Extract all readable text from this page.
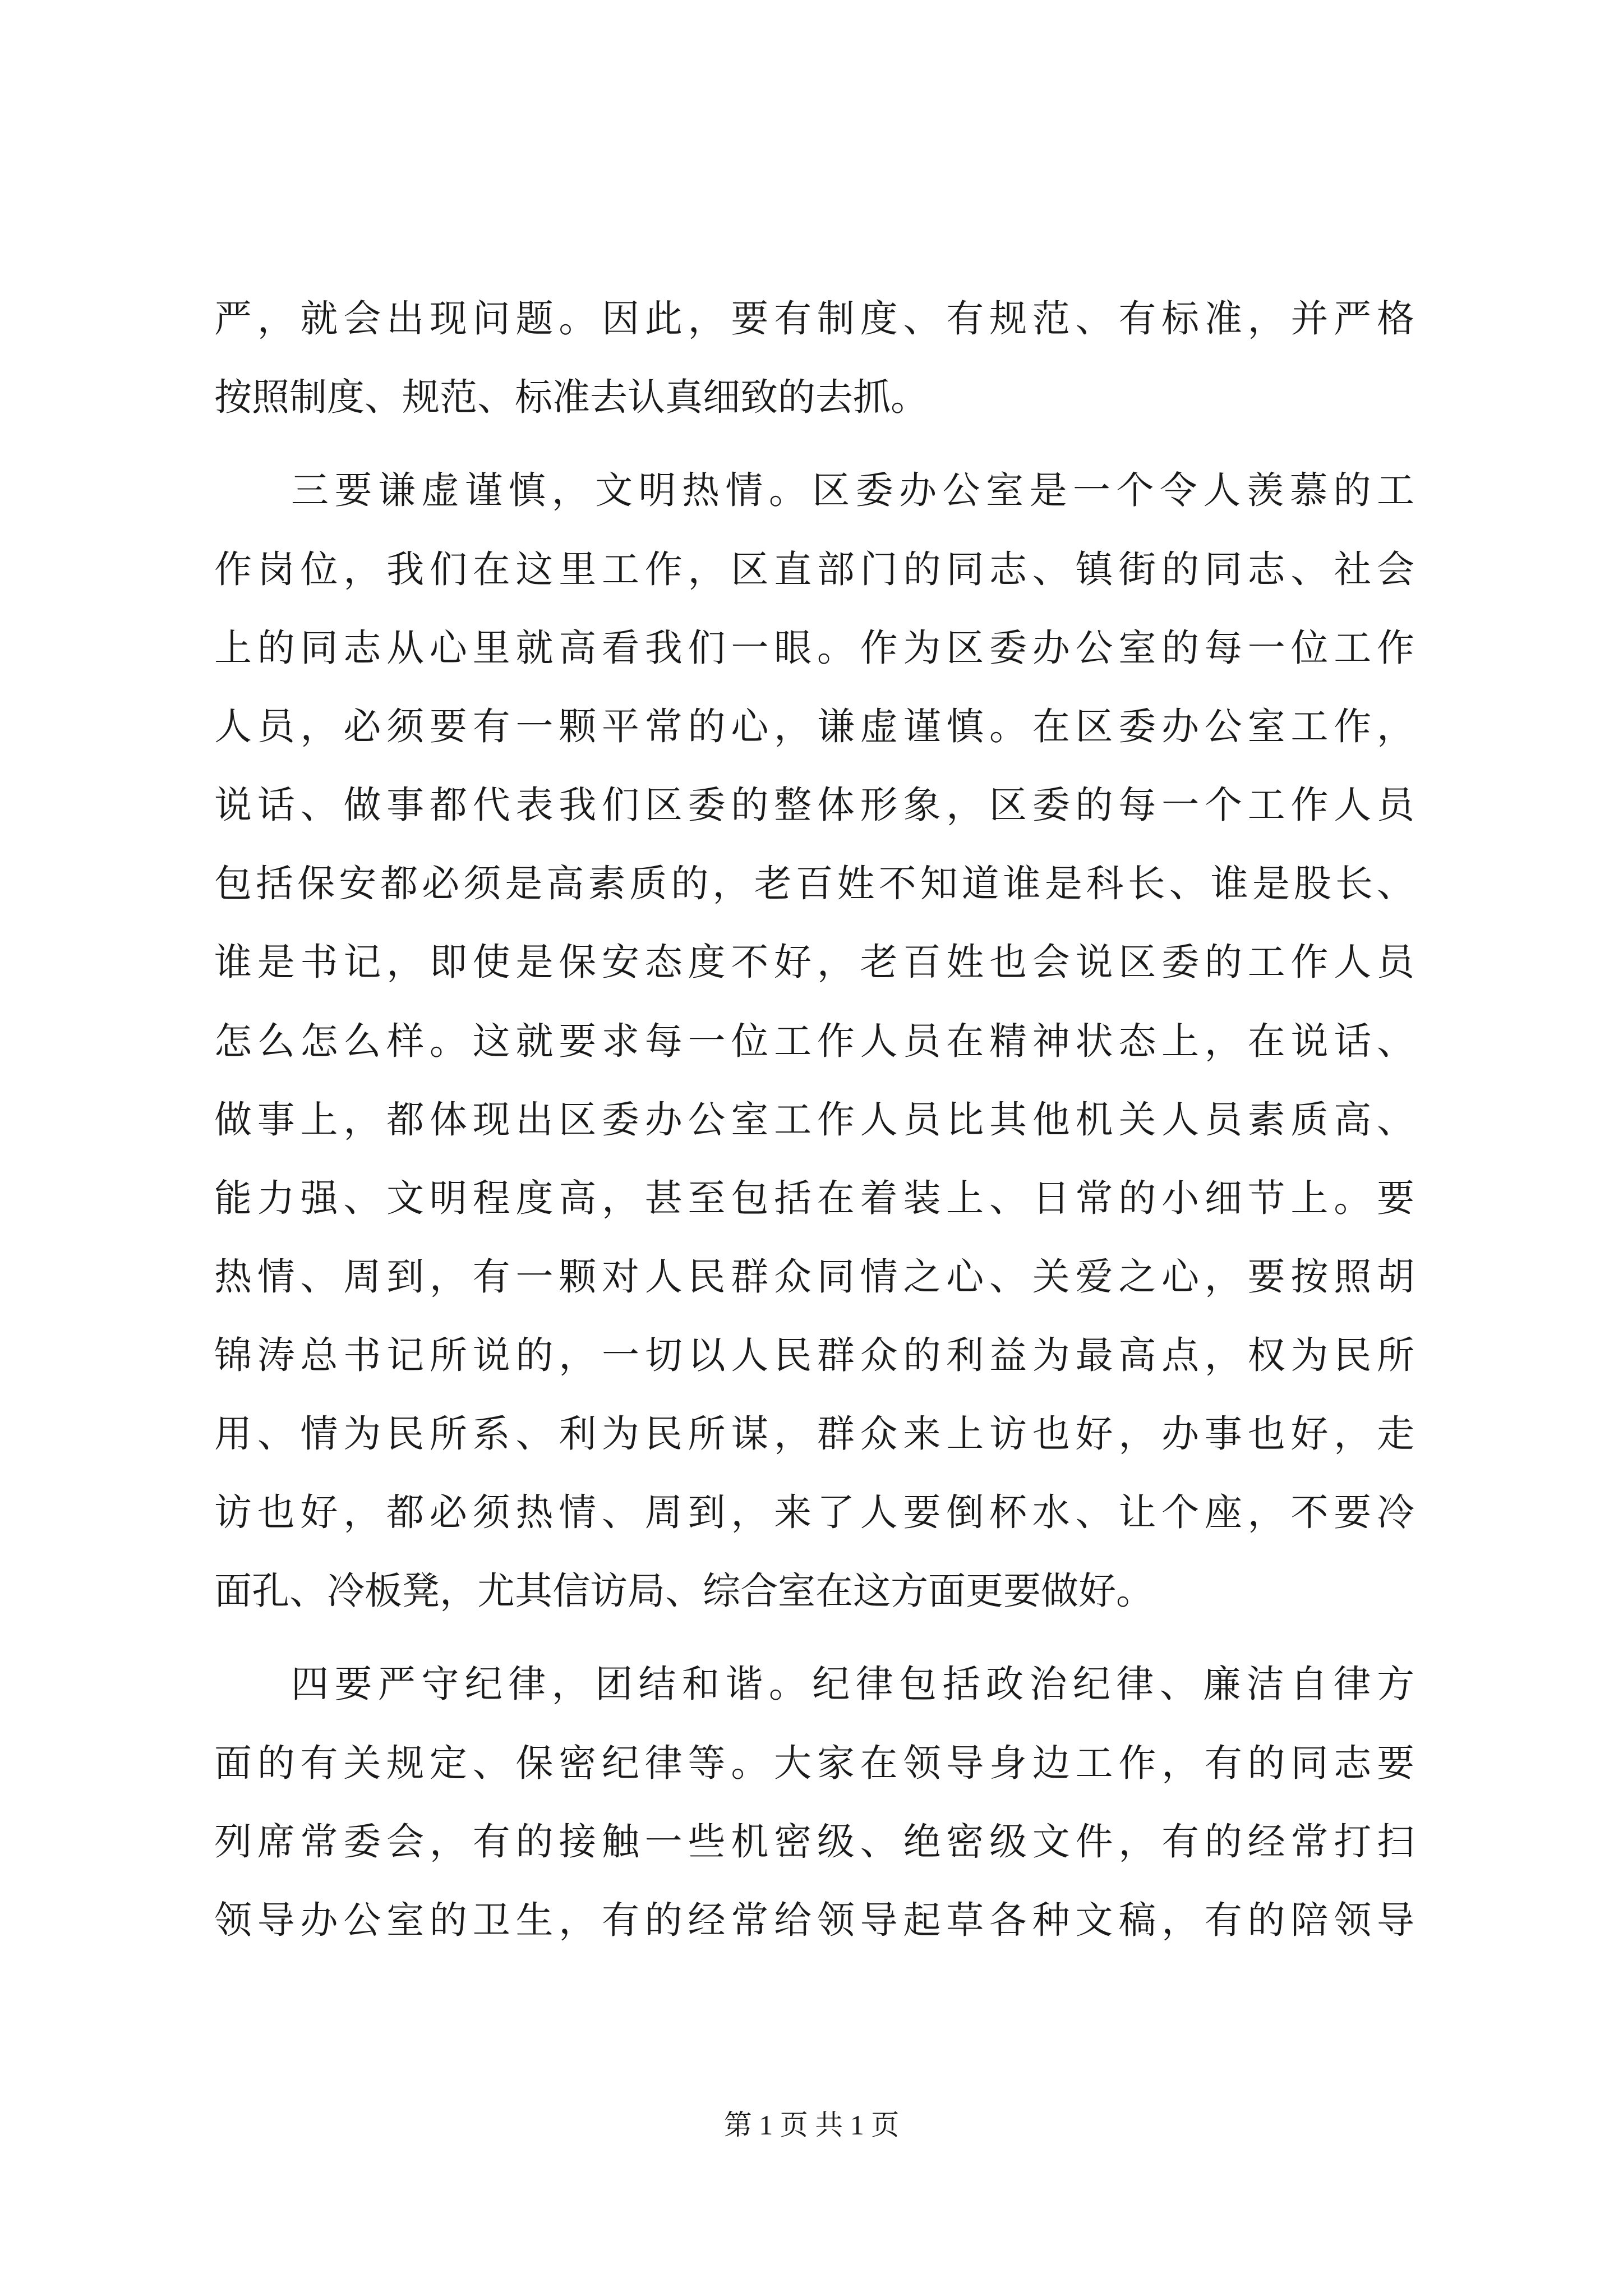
严，就会出现问题。因此，要有制度、有规范、有标准，并严格

按照制度、规范、标准去认真细致的去抓。

三要谦虚谨慎，文明热情。区委办公室是一个令人羡慕的工

作岗位，我们在这里工作，区直部门的同志、镇街的同志、社会

上的同志从心里就高看我们一眼。作为区委办公室的每一位工作

人员，必须要有一颗平常的心，谦虚谨慎。在区委办公室工作，

说话、做事都代表我们区委的整体形象，区委的每一个工作人员

包括保安都必须是高素质的，老百姓不知道谁是科长、谁是股长、

谁是书记，即使是保安态度不好，老百姓也会说区委的工作人员

怎么怎么样。这就要求每一位工作人员在精神状态上，在说话、

做事上，都体现出区委办公室工作人员比其他机关人员素质高、

能力强、文明程度高，甚至包括在着装上、日常的小细节上。要

热情、周到，有一颗对人民群众同情之心、关爱之心，要按照胡

锦涛总书记所说的，一切以人民群众的利益为最高点，权为民所

用、情为民所系、利为民所谋，群众来上访也好，办事也好，走

访也好，都必须热情、周到，来了人要倒杯水、让个座，不要冷

面孔、冷板凳，尤其信访局、综合室在这方面更要做好。

四要严守纪律，团结和谐。纪律包括政治纪律、廉洁自律方

面的有关规定、保密纪律等。大家在领导身边工作，有的同志要

列席常委会，有的接触一些机密级、绝密级文件，有的经常打扫

领导办公室的卫生，有的经常给领导起草各种文稿，有的陪领导

第 1 页 共 1 页
